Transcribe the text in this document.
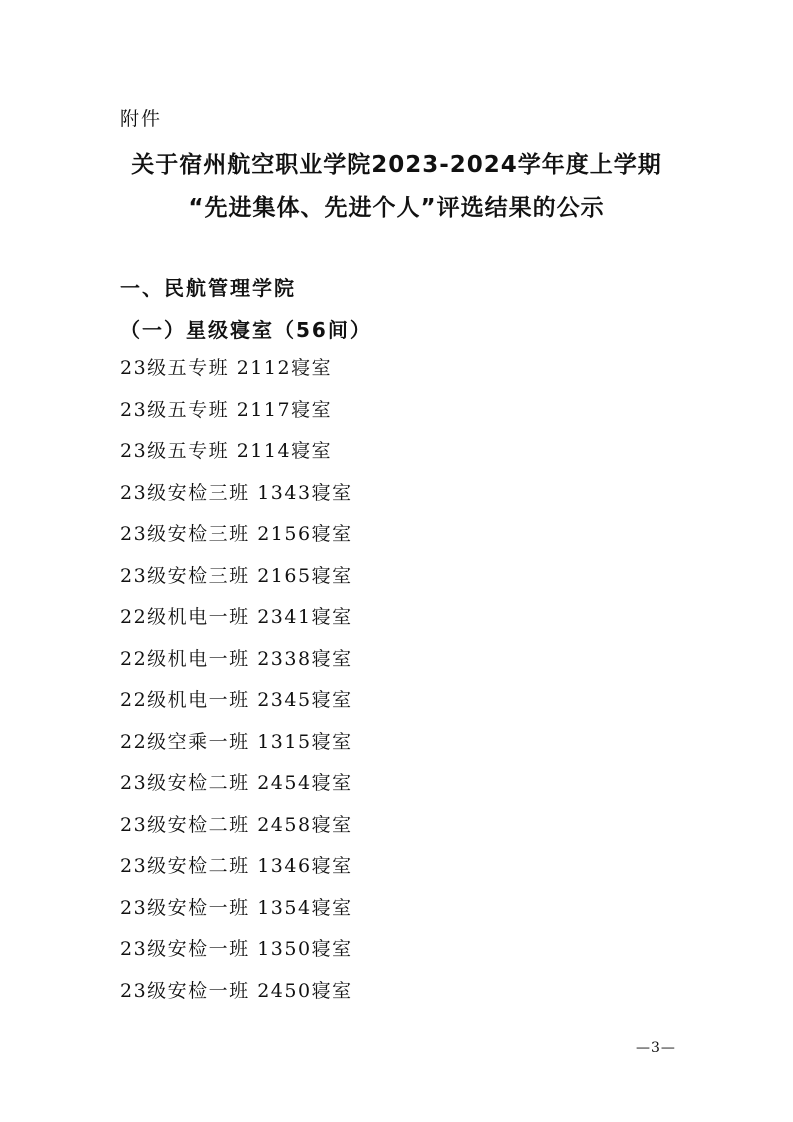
附件
关于宿州航空职业学院2023-2024学年度上学期
“先进集体、先进个人”评选结果的公示
一、民航管理学院
（一）星级寝室（56间）
23级五专班 2112寝室
23级五专班 2117寝室
23级五专班 2114寝室
23级安检三班 1343寝室
23级安检三班 2156寝室
23级安检三班 2165寝室
22级机电一班 2341寝室
22级机电一班 2338寝室
22级机电一班 2345寝室
22级空乘一班 1315寝室
23级安检二班 2454寝室
23级安检二班 2458寝室
23级安检二班 1346寝室
23级安检一班 1354寝室
23级安检一班 1350寝室
23级安检一班 2450寝室
—3—
